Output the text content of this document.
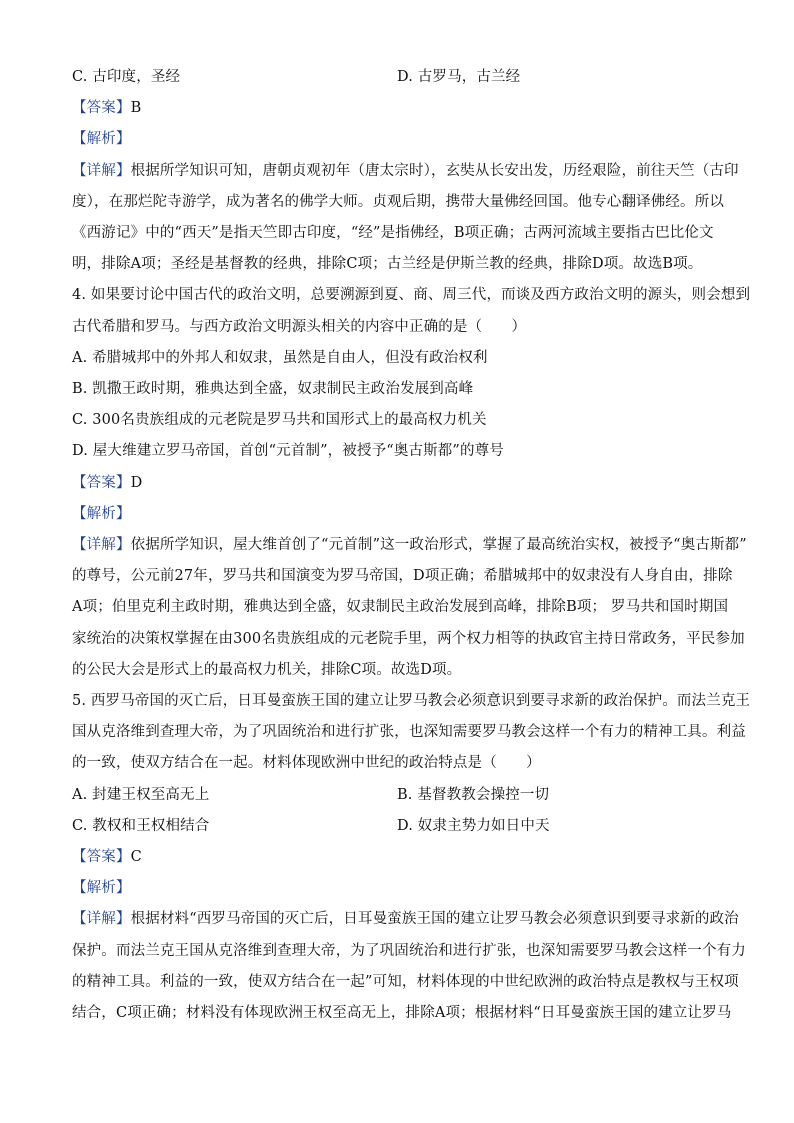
C. 古印度，圣经	D. 古罗马，古兰经
【答案】B
【解析】
【详解】根据所学知识可知，唐朝贞观初年（唐太宗时），玄奘从长安出发，历经艰险，前往天竺（古印
度），在那烂陀寺游学，成为著名的佛学大师。贞观后期，携带大量佛经回国。他专心翻译佛经。所以
《西游记》中的“西天”是指天竺即古印度，“经”是指佛经，B项正确；古两河流域主要指古巴比伦文
明，排除A项；圣经是基督教的经典，排除C项；古兰经是伊斯兰教的经典，排除D项。故选B项。
4. 如果要讨论中国古代的政治文明，总要溯源到夏、商、周三代，而谈及西方政治文明的源头，则会想到
古代希腊和罗马。与西方政治文明源头相关的内容中正确的是（　　）
A. 希腊城邦中的外邦人和奴隶，虽然是自由人，但没有政治权利
B. 凯撒王政时期，雅典达到全盛，奴隶制民主政治发展到高峰
C. 300名贵族组成的元老院是罗马共和国形式上的最高权力机关
D. 屋大维建立罗马帝国，首创“元首制”，被授予“奥古斯都”的尊号
【答案】D
【解析】
【详解】依据所学知识，屋大维首创了“元首制”这一政治形式，掌握了最高统治实权，被授予“奥古斯都”
的尊号，公元前27年，罗马共和国演变为罗马帝国，D项正确；希腊城邦中的奴隶没有人身自由，排除
A项；伯里克利主政时期，雅典达到全盛，奴隶制民主政治发展到高峰，排除B项； 罗马共和国时期国
家统治的决策权掌握在由300名贵族组成的元老院手里，两个权力相等的执政官主持日常政务，平民参加
的公民大会是形式上的最高权力机关，排除C项。故选D项。
5. 西罗马帝国的灭亡后，日耳曼蛮族王国的建立让罗马教会必须意识到要寻求新的政治保护。而法兰克王
国从克洛维到查理大帝，为了巩固统治和进行扩张，也深知需要罗马教会这样一个有力的精神工具。利益
的一致，使双方结合在一起。材料体现欧洲中世纪的政治特点是（　　）
A. 封建王权至高无上	B. 基督教教会操控一切
C. 教权和王权相结合	D. 奴隶主势力如日中天
【答案】C
【解析】
【详解】根据材料“西罗马帝国的灭亡后，日耳曼蛮族王国的建立让罗马教会必须意识到要寻求新的政治
保护。而法兰克王国从克洛维到查理大帝，为了巩固统治和进行扩张，也深知需要罗马教会这样一个有力
的精神工具。利益的一致，使双方结合在一起”可知，材料体现的中世纪欧洲的政治特点是教权与王权项
结合，C项正确；材料没有体现欧洲王权至高无上，排除A项；根据材料“日耳曼蛮族王国的建立让罗马
